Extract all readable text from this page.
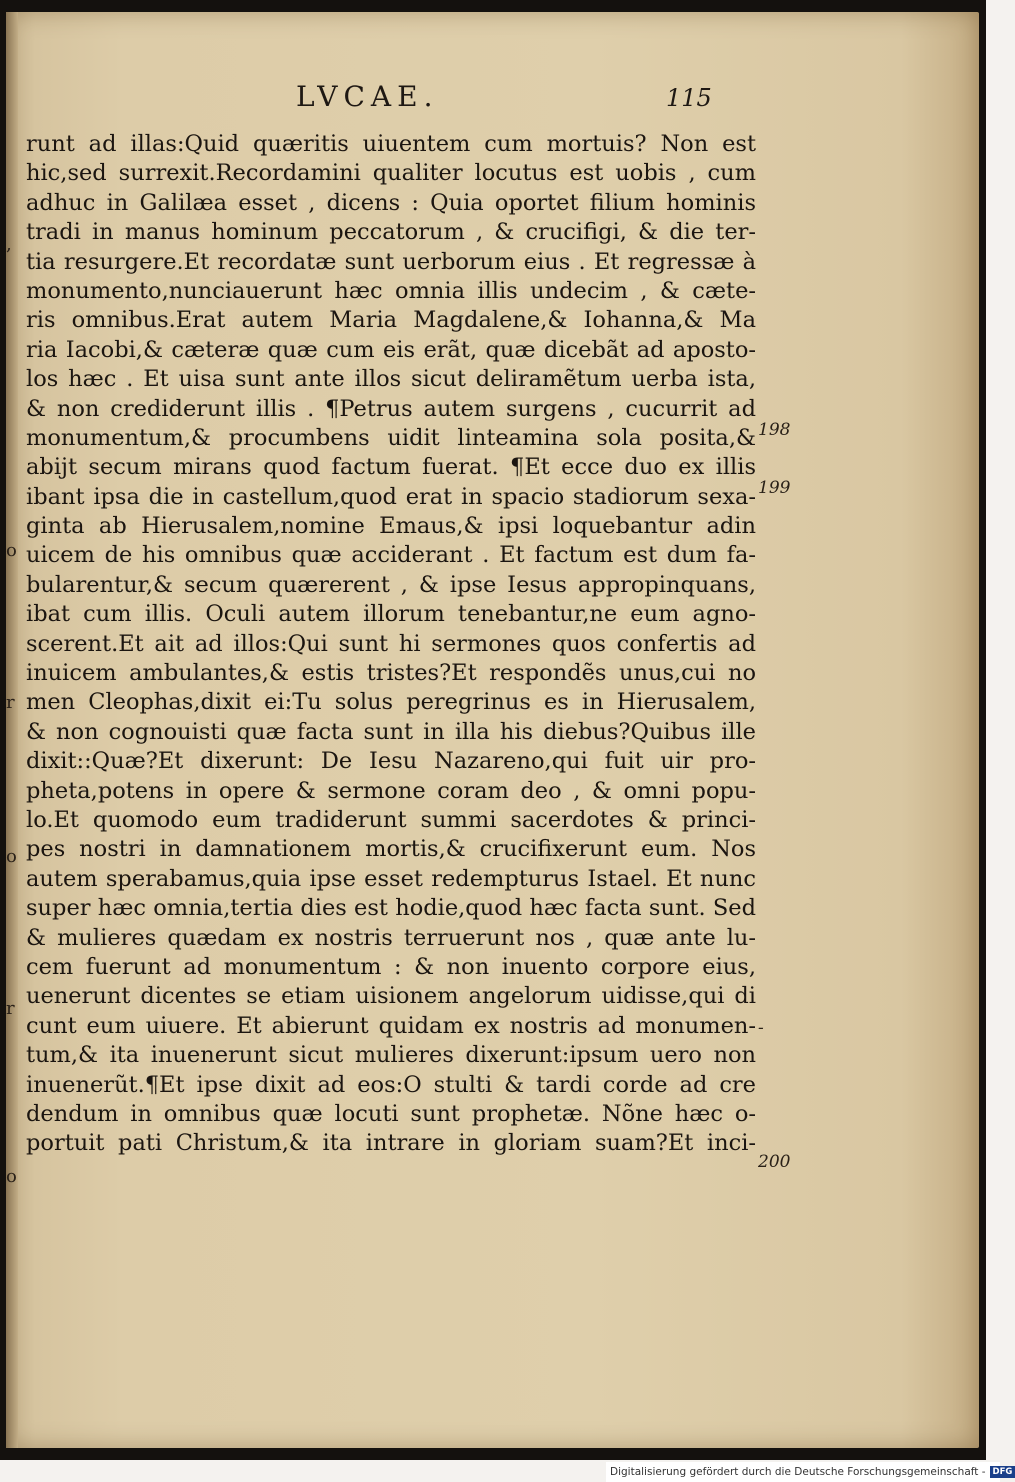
LVCAE.	115
,
o
r
o
r
o
runt ad illas:Quid quæritis uiuentem cum mortuis? Non est
hic,sed surrexit.Recordamini qualiter locutus est uobis , cum
adhuc in Galilæa esset , dicens : Quia oportet filium hominis
tradi in manus hominum peccatorum , & crucifigi, & die ter-
tia resurgere.Et recordatæ sunt uerborum eius . Et regressæ à
monumento,nunciauerunt hæc omnia illis undecim , & cæte-
ris omnibus.Erat autem Maria Magdalene,& Iohanna,& Ma
ria Iacobi,& cæteræ quæ cum eis erãt, quæ dicebãt ad aposto-
los hæc . Et uisa sunt ante illos sicut deliramẽtum uerba ista,
& non crediderunt illis . ¶Petrus autem surgens , cucurrit ad
monumentum,& procumbens uidit linteamina sola posita,&
abijt secum mirans quod factum fuerat. ¶Et ecce duo ex illis
ibant ipsa die in castellum,quod erat in spacio stadiorum sexa-
ginta ab Hierusalem,nomine Emaus,& ipsi loquebantur adin
uicem de his omnibus quæ acciderant . Et factum est dum fa-
bularentur,& secum quærerent , & ipse Iesus appropinquans,
ibat cum illis. Oculi autem illorum tenebantur,ne eum agno-
scerent.Et ait ad illos:Qui sunt hi sermones quos confertis ad
inuicem ambulantes,& estis tristes?Et respondẽs unus,cui no
men Cleophas,dixit ei:Tu solus peregrinus es in Hierusalem,
& non cognouisti quæ facta sunt in illa his diebus?Quibus ille
dixit::Quæ?Et dixerunt: De Iesu Nazareno,qui fuit uir pro-
pheta,potens in opere & sermone coram deo , & omni popu-
lo.Et quomodo eum tradiderunt summi sacerdotes & princi-
pes nostri in damnationem mortis,& crucifixerunt eum. Nos
autem sperabamus,quia ipse esset redempturus Istael. Et nunc
super hæc omnia,tertia dies est hodie,quod hæc facta sunt. Sed
& mulieres quædam ex nostris terruerunt nos , quæ ante lu-
cem fuerunt ad monumentum : & non inuento corpore eius,
uenerunt dicentes se etiam uisionem angelorum uidisse,qui di
cunt eum uiuere. Et abierunt quidam ex nostris ad monumen-
tum,& ita inuenerunt sicut mulieres dixerunt:ipsum uero non
inuenerũt.¶Et ipse dixit ad eos:O stulti & tardi corde ad cre
dendum in omnibus quæ locuti sunt prophetæ. Nõne hæc o-
portuit pati Christum,& ita intrare in gloriam suam?Et inci-
198
199
200
-
Digitalisierung gefördert durch die Deutsche Forschungsgemeinschaft - DFG
